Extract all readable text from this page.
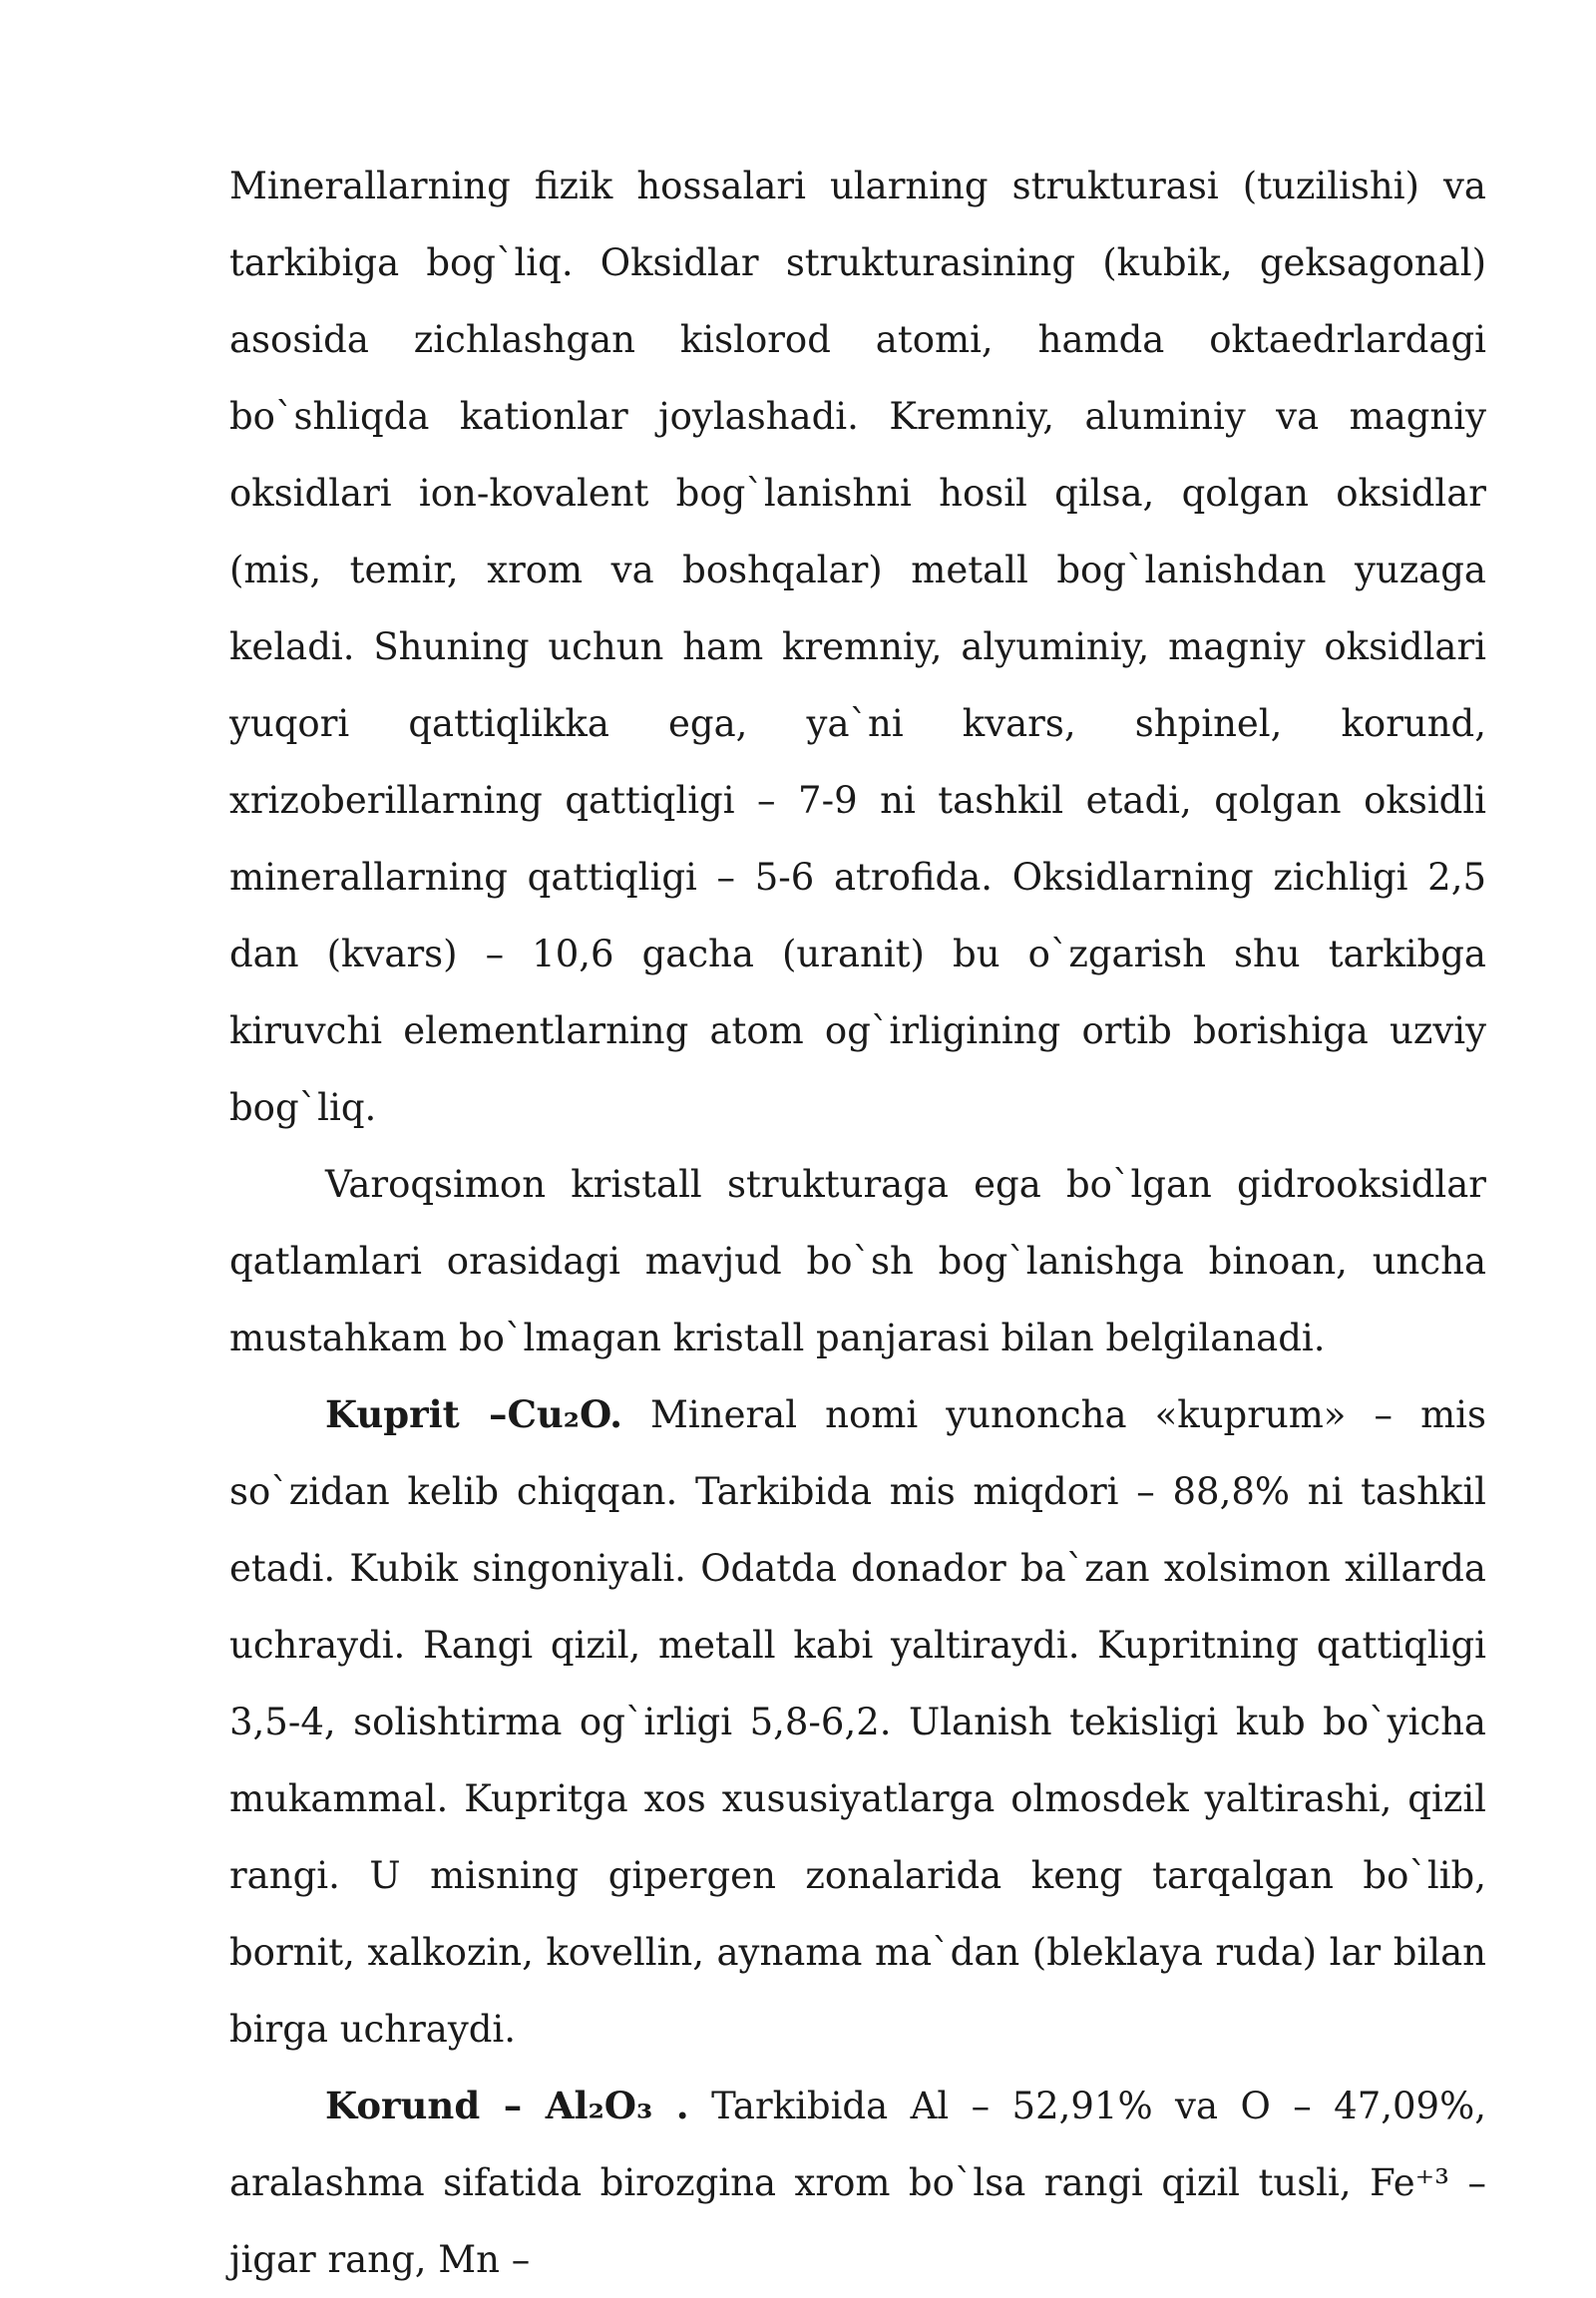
Minerallarning fizik hossalari ularning strukturasi (tuzilishi) va tarkibiga bog`liq. Oksidlar strukturasining (kubik, geksagonal) asosida zichlashgan kislorod atomi, hamda oktaedrlardagi bo`shliqda kationlar joylashadi. Kremniy, aluminiy va magniy oksidlari ion-kovalent bog`lanishni hosil qilsa, qolgan oksidlar (mis, temir, xrom va boshqalar) metall bog`lanishdan yuzaga keladi. Shuning uchun ham kremniy, alyuminiy, magniy oksidlari yuqori qattiqlikka ega, ya`ni kvars, shpinel, korund, xrizoberillarning qattiqligi – 7-9 ni tashkil etadi, qolgan oksidli minerallarning qattiqligi – 5-6 atrofida. Oksidlarning zichligi 2,5 dan (kvars) – 10,6 gacha (uranit) bu o`zgarish shu tarkibga kiruvchi elementlarning atom og`irligining ortib borishiga uzviy bog`liq.

Varoqsimon kristall strukturaga ega bo`lgan gidrooksidlar qatlamlari orasidagi mavjud bo`sh bog`lanishga binoan, uncha mustahkam bo`lmagan kristall panjarasi bilan belgilanadi.

Kuprit –Cu₂O. Mineral nomi yunoncha «kuprum» – mis so`zidan kelib chiqqan. Tarkibida mis miqdori – 88,8% ni tashkil etadi. Kubik singoniyali. Odatda donador ba`zan xolsimon xillarda uchraydi. Rangi qizil, metall kabi yaltiraydi. Kupritning qattiqligi 3,5-4, solishtirma og`irligi 5,8-6,2. Ulanish tekisligi kub bo`yicha mukammal. Kupritga xos xususiyatlarga olmosdek yaltirashi, qizil rangi. U misning gipergen zonalarida keng tarqalgan bo`lib, bornit, xalkozin, kovellin, aynama ma`dan (bleklaya ruda) lar bilan birga uchraydi.

Korund – Al₂O₃ . Tarkibida Al – 52,91% va O – 47,09%, aralashma sifatida birozgina xrom bo`lsa rangi qizil tusli, Fe⁺³ – jigar rang, Mn –
